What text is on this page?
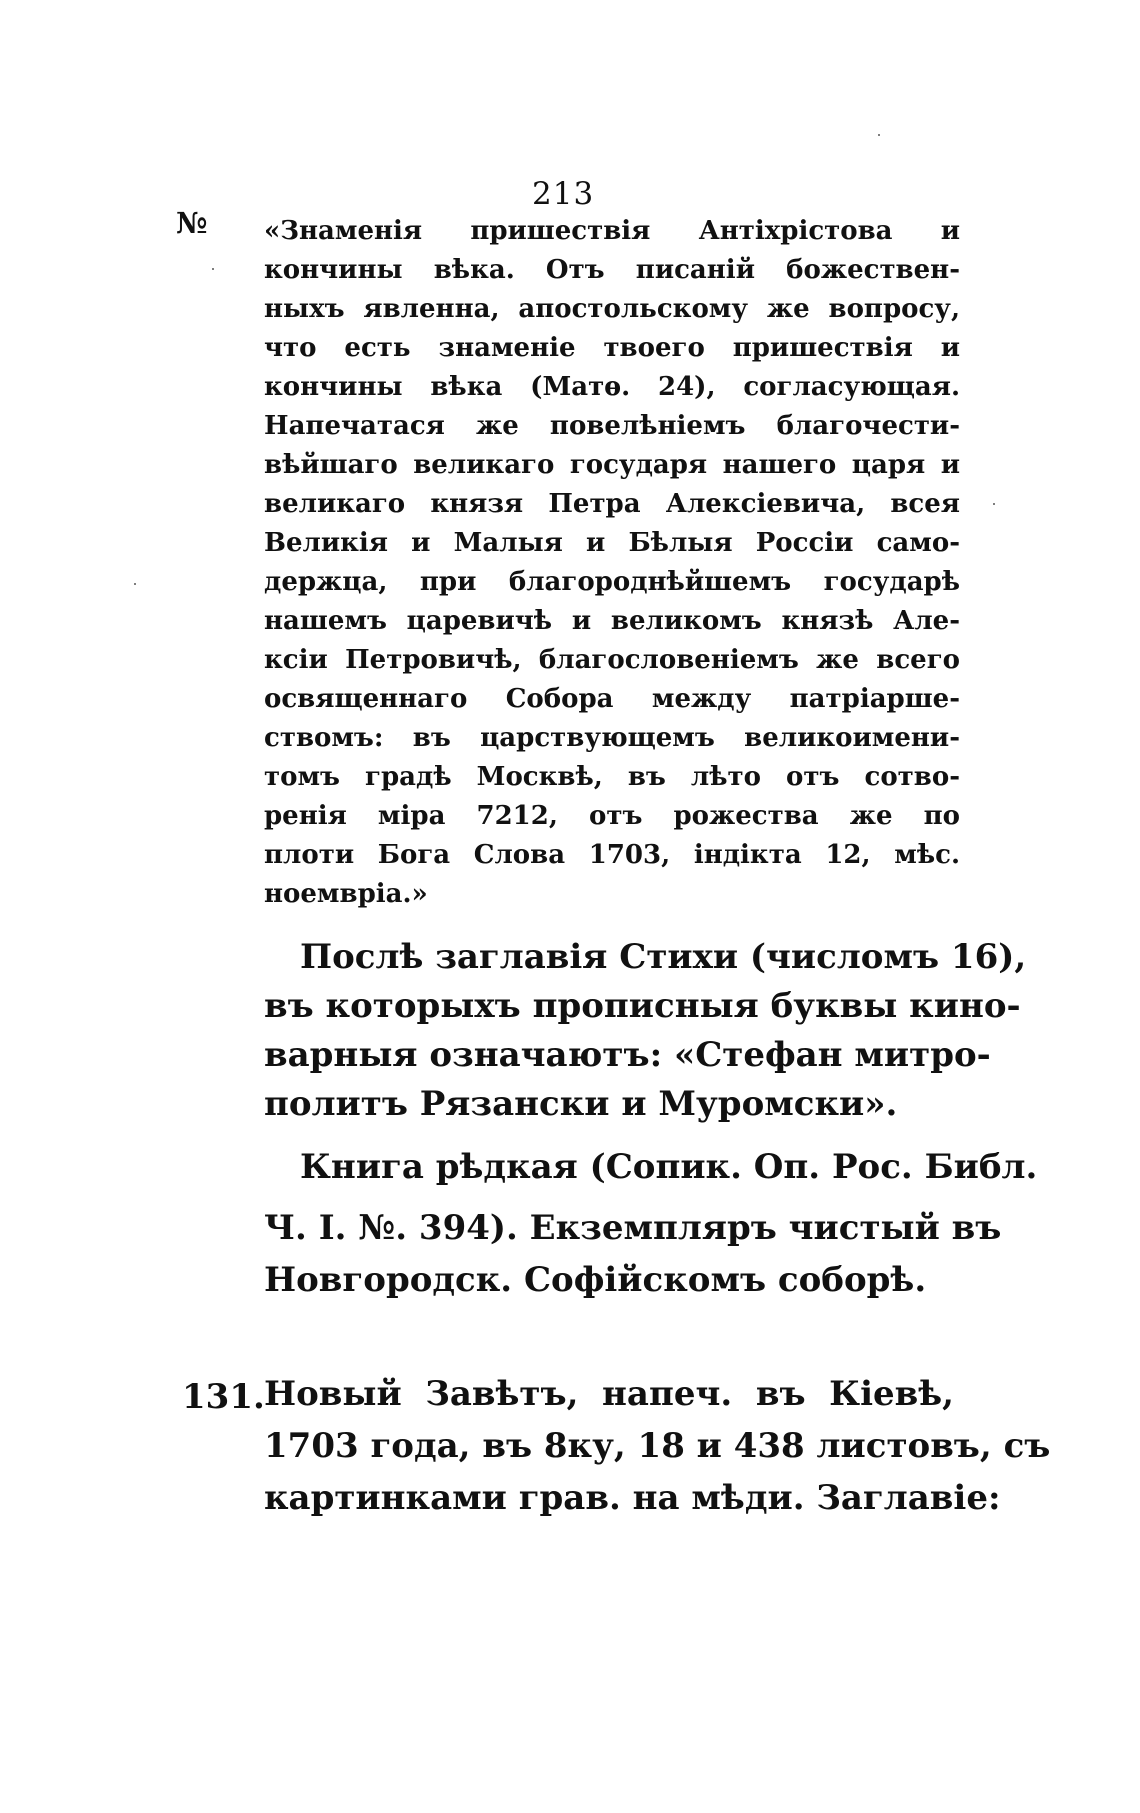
213
№ «Знаменія пришествія Антіхрістова и
кончины вѣка. Отъ писаній божествен-
ныхъ явленна, апостольскому же вопросу,
что есть знаменіе твоего пришествія и
кончины вѣка (Матѳ. 24), согласующая.
Напечатася же повелѣніемъ благочести-
вѣйшаго великаго государя нашего царя и
великаго князя Петра Алексіевича, всея
Великія и Малыя и Бѣлыя Россіи само-
держца, при благороднѣйшемъ государѣ
нашемъ царевичѣ и великомъ князѣ Але-
ксіи Петровичѣ, благословеніемъ же всего
освященнаго Собора между патріарше-
ствомъ: въ царствующемъ великоимени-
томъ градѣ Москвѣ, въ лѣто отъ сотво-
ренія міра 7212, отъ рожества же по
плоти Бога Слова 1703, індікта 12, мѣс.
ноемвріа.»
Послѣ заглавія Стихи (числомъ 16),
въ которыхъ прописныя буквы кино-
варныя означаютъ: «Стефан митро-
политъ Рязански и Муромски».
Книга рѣдкая (Сопик. Оп. Рос. Библ.
Ч. I. №. 394). Екземпляръ чистый въ
Новгородск. Софійскомъ соборѣ.
131. Новый Завѣтъ, напеч. въ Кіевѣ,
1703 года, въ 8ку, 18 и 438 листовъ, съ
картинками грав. на мѣди. Заглавіе:
